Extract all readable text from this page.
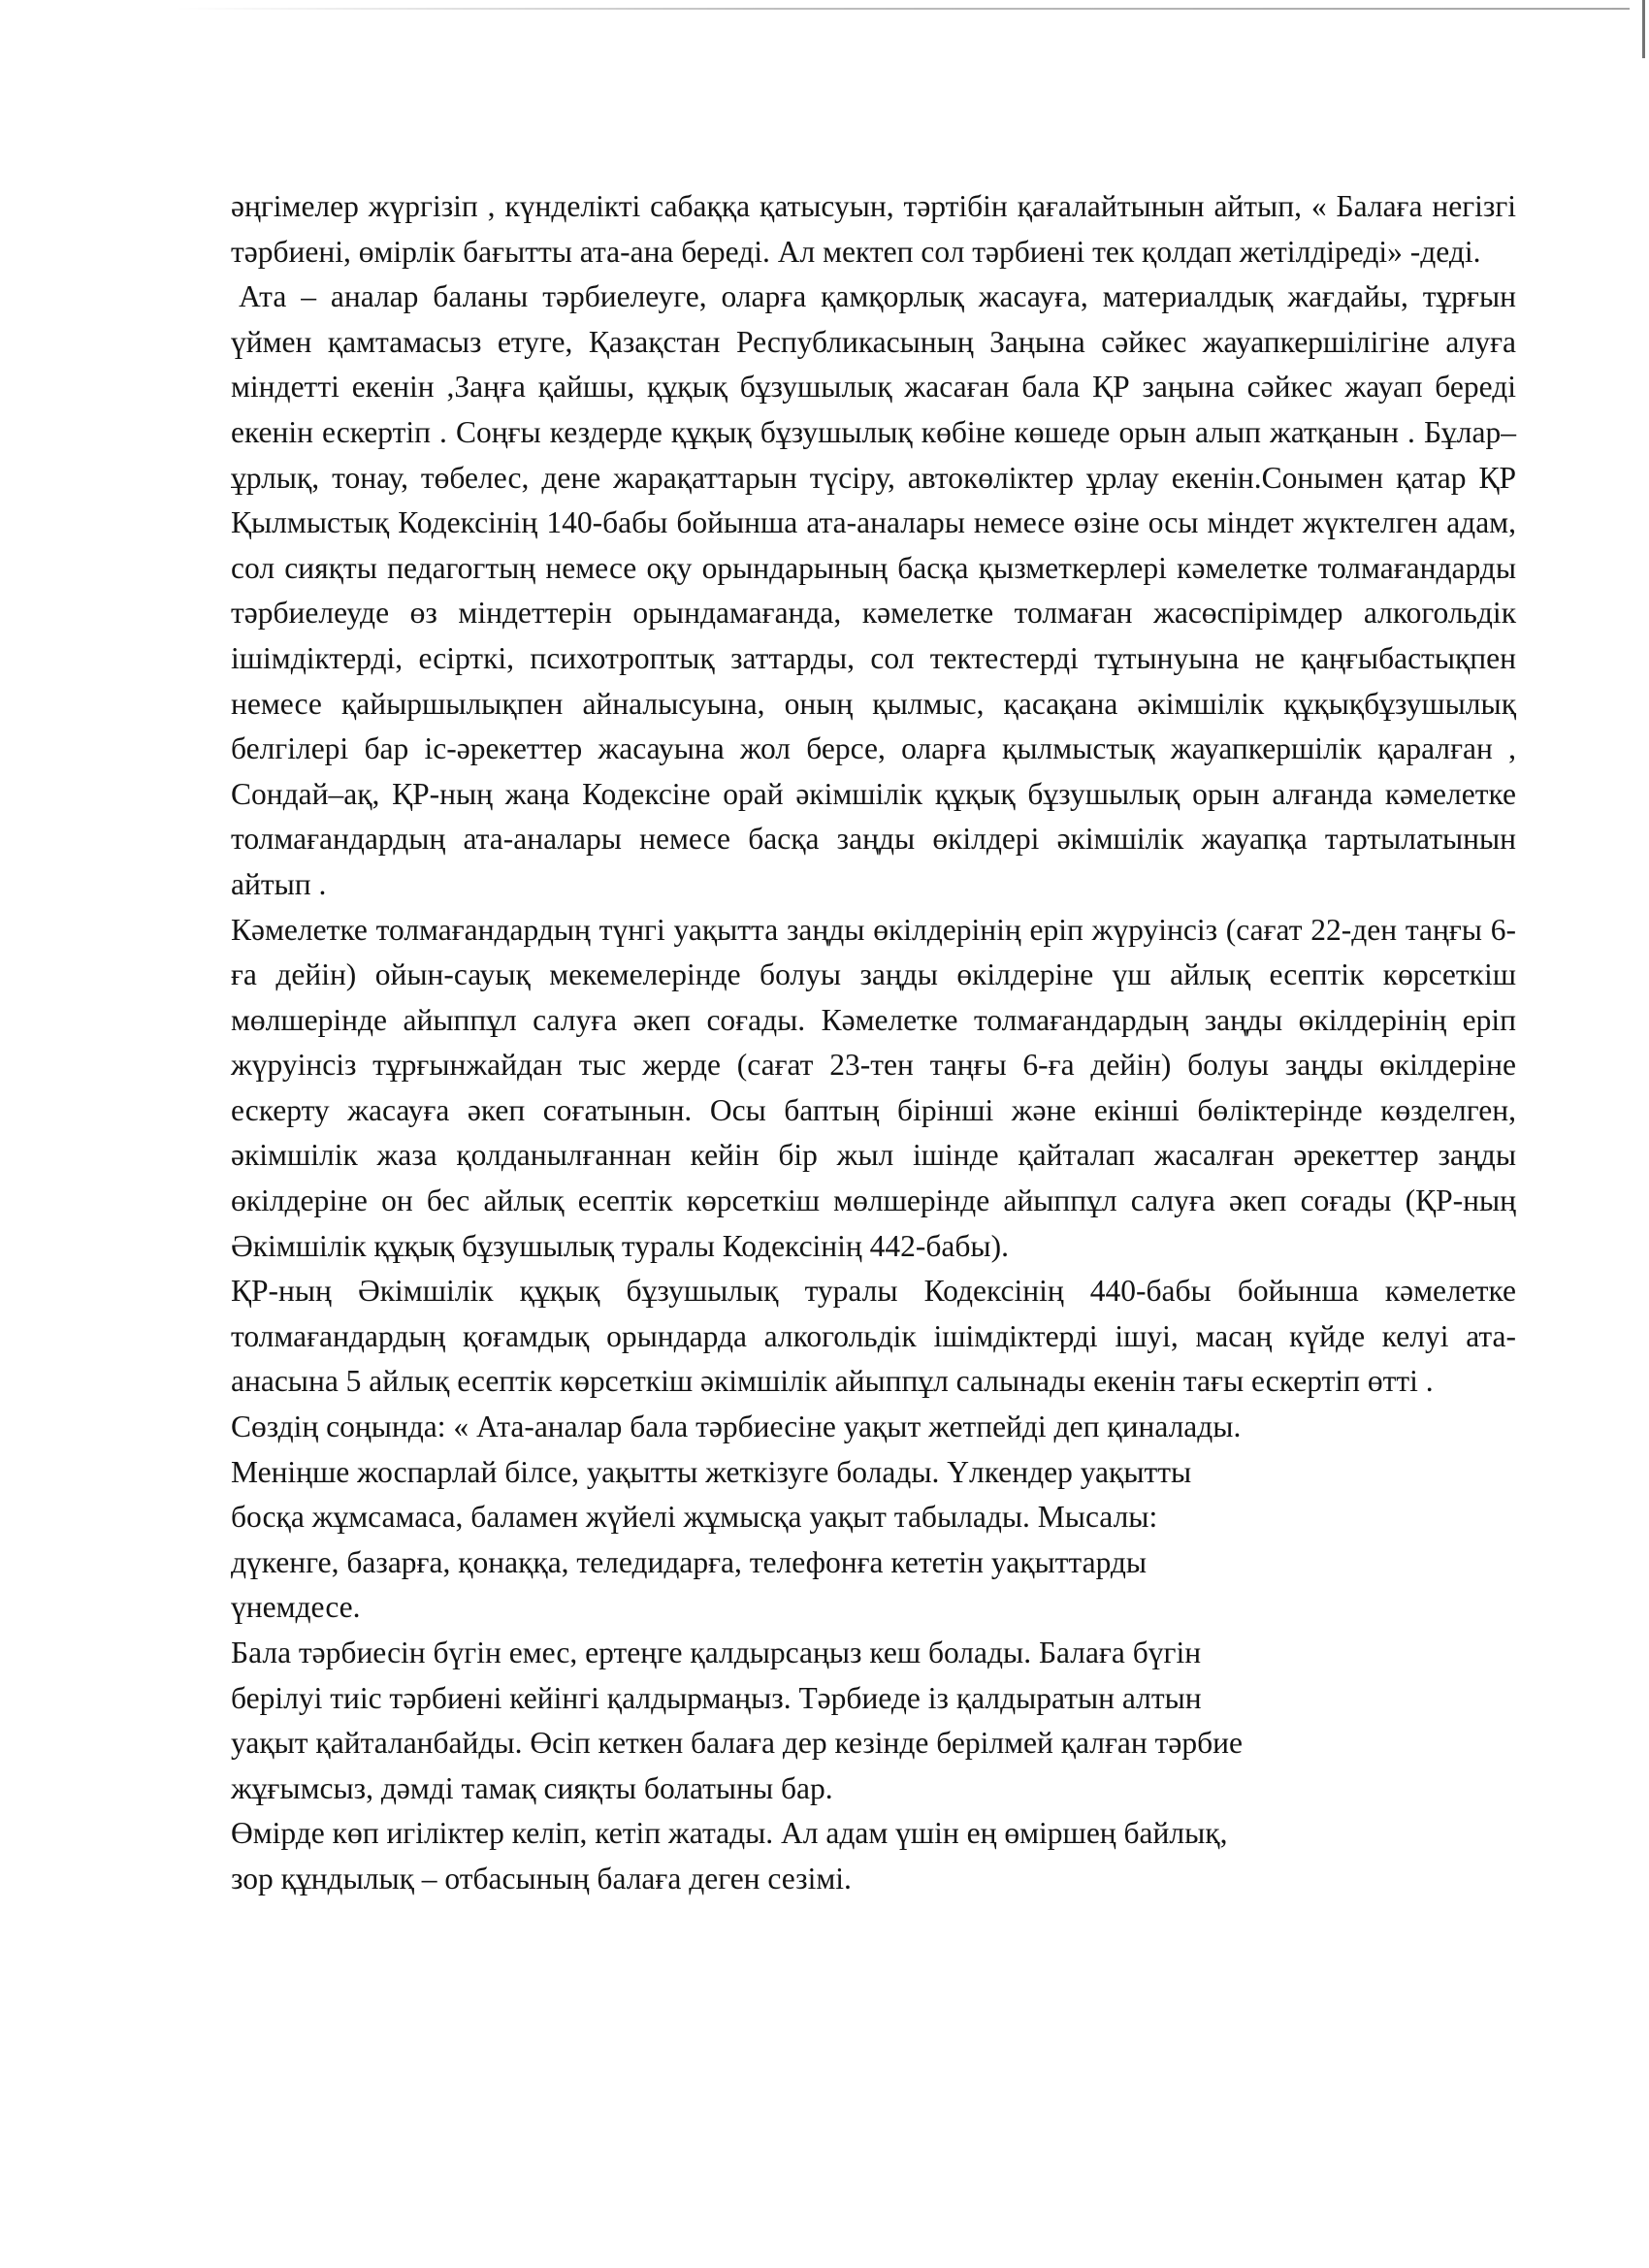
әңгімелер жүргізіп , күнделікті сабаққа қатысуын, тәртібін қағалайтынын айтып, « Балаға негізгі тәрбиені, өмірлік бағытты ата-ана береді. Ал мектеп сол тәрбиені тек қолдап жетілдіреді» -деді.

Ата – аналар баланы тәрбиелеуге, оларға қамқорлық жасауға, материалдық жағдайы, тұрғын үймен қамтамасыз етуге, Қазақстан Республикасының Заңына сәйкес жауапкершілігіне алуға міндетті екенін ,Заңға қайшы, құқық бұзушылық жасаған бала ҚР заңына сәйкес жауап береді екенін ескертіп . Соңғы кездерде құқық бұзушылық көбіне көшеде орын алып жатқанын . Бұлар– ұрлық, тонау, төбелес, дене жарақаттарын түсіру, автокөліктер ұрлау екенін.Сонымен қатар ҚР Қылмыстық Кодексінің 140-бабы бойынша ата-аналары немесе өзіне осы міндет жүктелген адам, сол сияқты педагогтың немесе оқу орындарының басқа қызметкерлері кәмелетке толмағандарды тәрбиелеуде өз міндеттерін орындамағанда, кәмелетке толмаған жасөспірімдер алкогольдік ішімдіктерді, есірткі, психотроптық заттарды, сол тектестерді тұтынуына не қаңғыбастықпен немесе қайыршылықпен айналысуына, оның қылмыс, қасақана әкімшілік құқықбұзушылық белгілері бар іс-әрекеттер жасауына жол берсе, оларға қылмыстық жауапкершілік қаралған , Сондай–ақ, ҚР-ның жаңа Кодексіне орай әкімшілік құқық бұзушылық орын алғанда кәмелетке толмағандардың ата-аналары немесе басқа заңды өкілдері әкімшілік жауапқа тартылатынын айтып .

Кәмелетке толмағандардың түнгі уақытта заңды өкілдерінің еріп жүруінсіз (сағат 22-ден таңғы 6-ға дейін) ойын-сауық мекемелерінде болуы заңды өкілдеріне үш айлық есептік көрсеткіш мөлшерінде айыппұл салуға әкеп соғады. Кәмелетке толмағандардың заңды өкілдерінің еріп жүруінсіз тұрғынжайдан тыс жерде (сағат 23-тен таңғы 6-ға дейін) болуы заңды өкілдеріне ескерту жасауға әкеп соғатынын. Осы баптың бірінші және екінші бөліктерінде көзделген, әкімшілік жаза қолданылғаннан кейін бір жыл ішінде қайталап жасалған әрекеттер заңды өкілдеріне он бес айлық есептік көрсеткіш мөлшерінде айыппұл салуға әкеп соғады (ҚР-ның Әкімшілік құқық бұзушылық туралы Кодексінің 442-бабы).

ҚР-ның Әкімшілік құқық бұзушылық туралы Кодексінің 440-бабы бойынша кәмелетке толмағандардың қоғамдық орындарда алкогольдік ішімдіктерді ішуі, масаң күйде келуі ата-анасына 5 айлық есептік көрсеткіш әкімшілік айыппұл салынады екенін тағы ескертіп өтті .

Сөздің соңында: « Ата-аналар бала тәрбиесіне уақыт жетпейді деп қиналады.
Меніңше жоспарлай білсе, уақытты жеткізуге болады. Үлкендер уақытты
босқа жұмсамаса, баламен жүйелі жұмысқа уақыт табылады. Мысалы:
дүкенге, базарға, қонаққа, теледидарға, телефонға кететін уақыттарды
үнемдесе.
Бала тәрбиесін бүгін емес, ертеңге қалдырсаңыз кеш болады. Балаға бүгін
берілуі тиіс тәрбиені кейінгі қалдырмаңыз. Тәрбиеде із қалдыратын алтын
уақыт қайталанбайды. Өсіп кеткен балаға дер кезінде берілмей қалған тәрбие
жұғымсыз, дәмді тамақ сияқты болатыны бар.
Өмірде көп игіліктер келіп, кетіп жатады. Ал адам үшін ең өміршең байлық,
зор құндылық – отбасының балаға деген сезімі.
